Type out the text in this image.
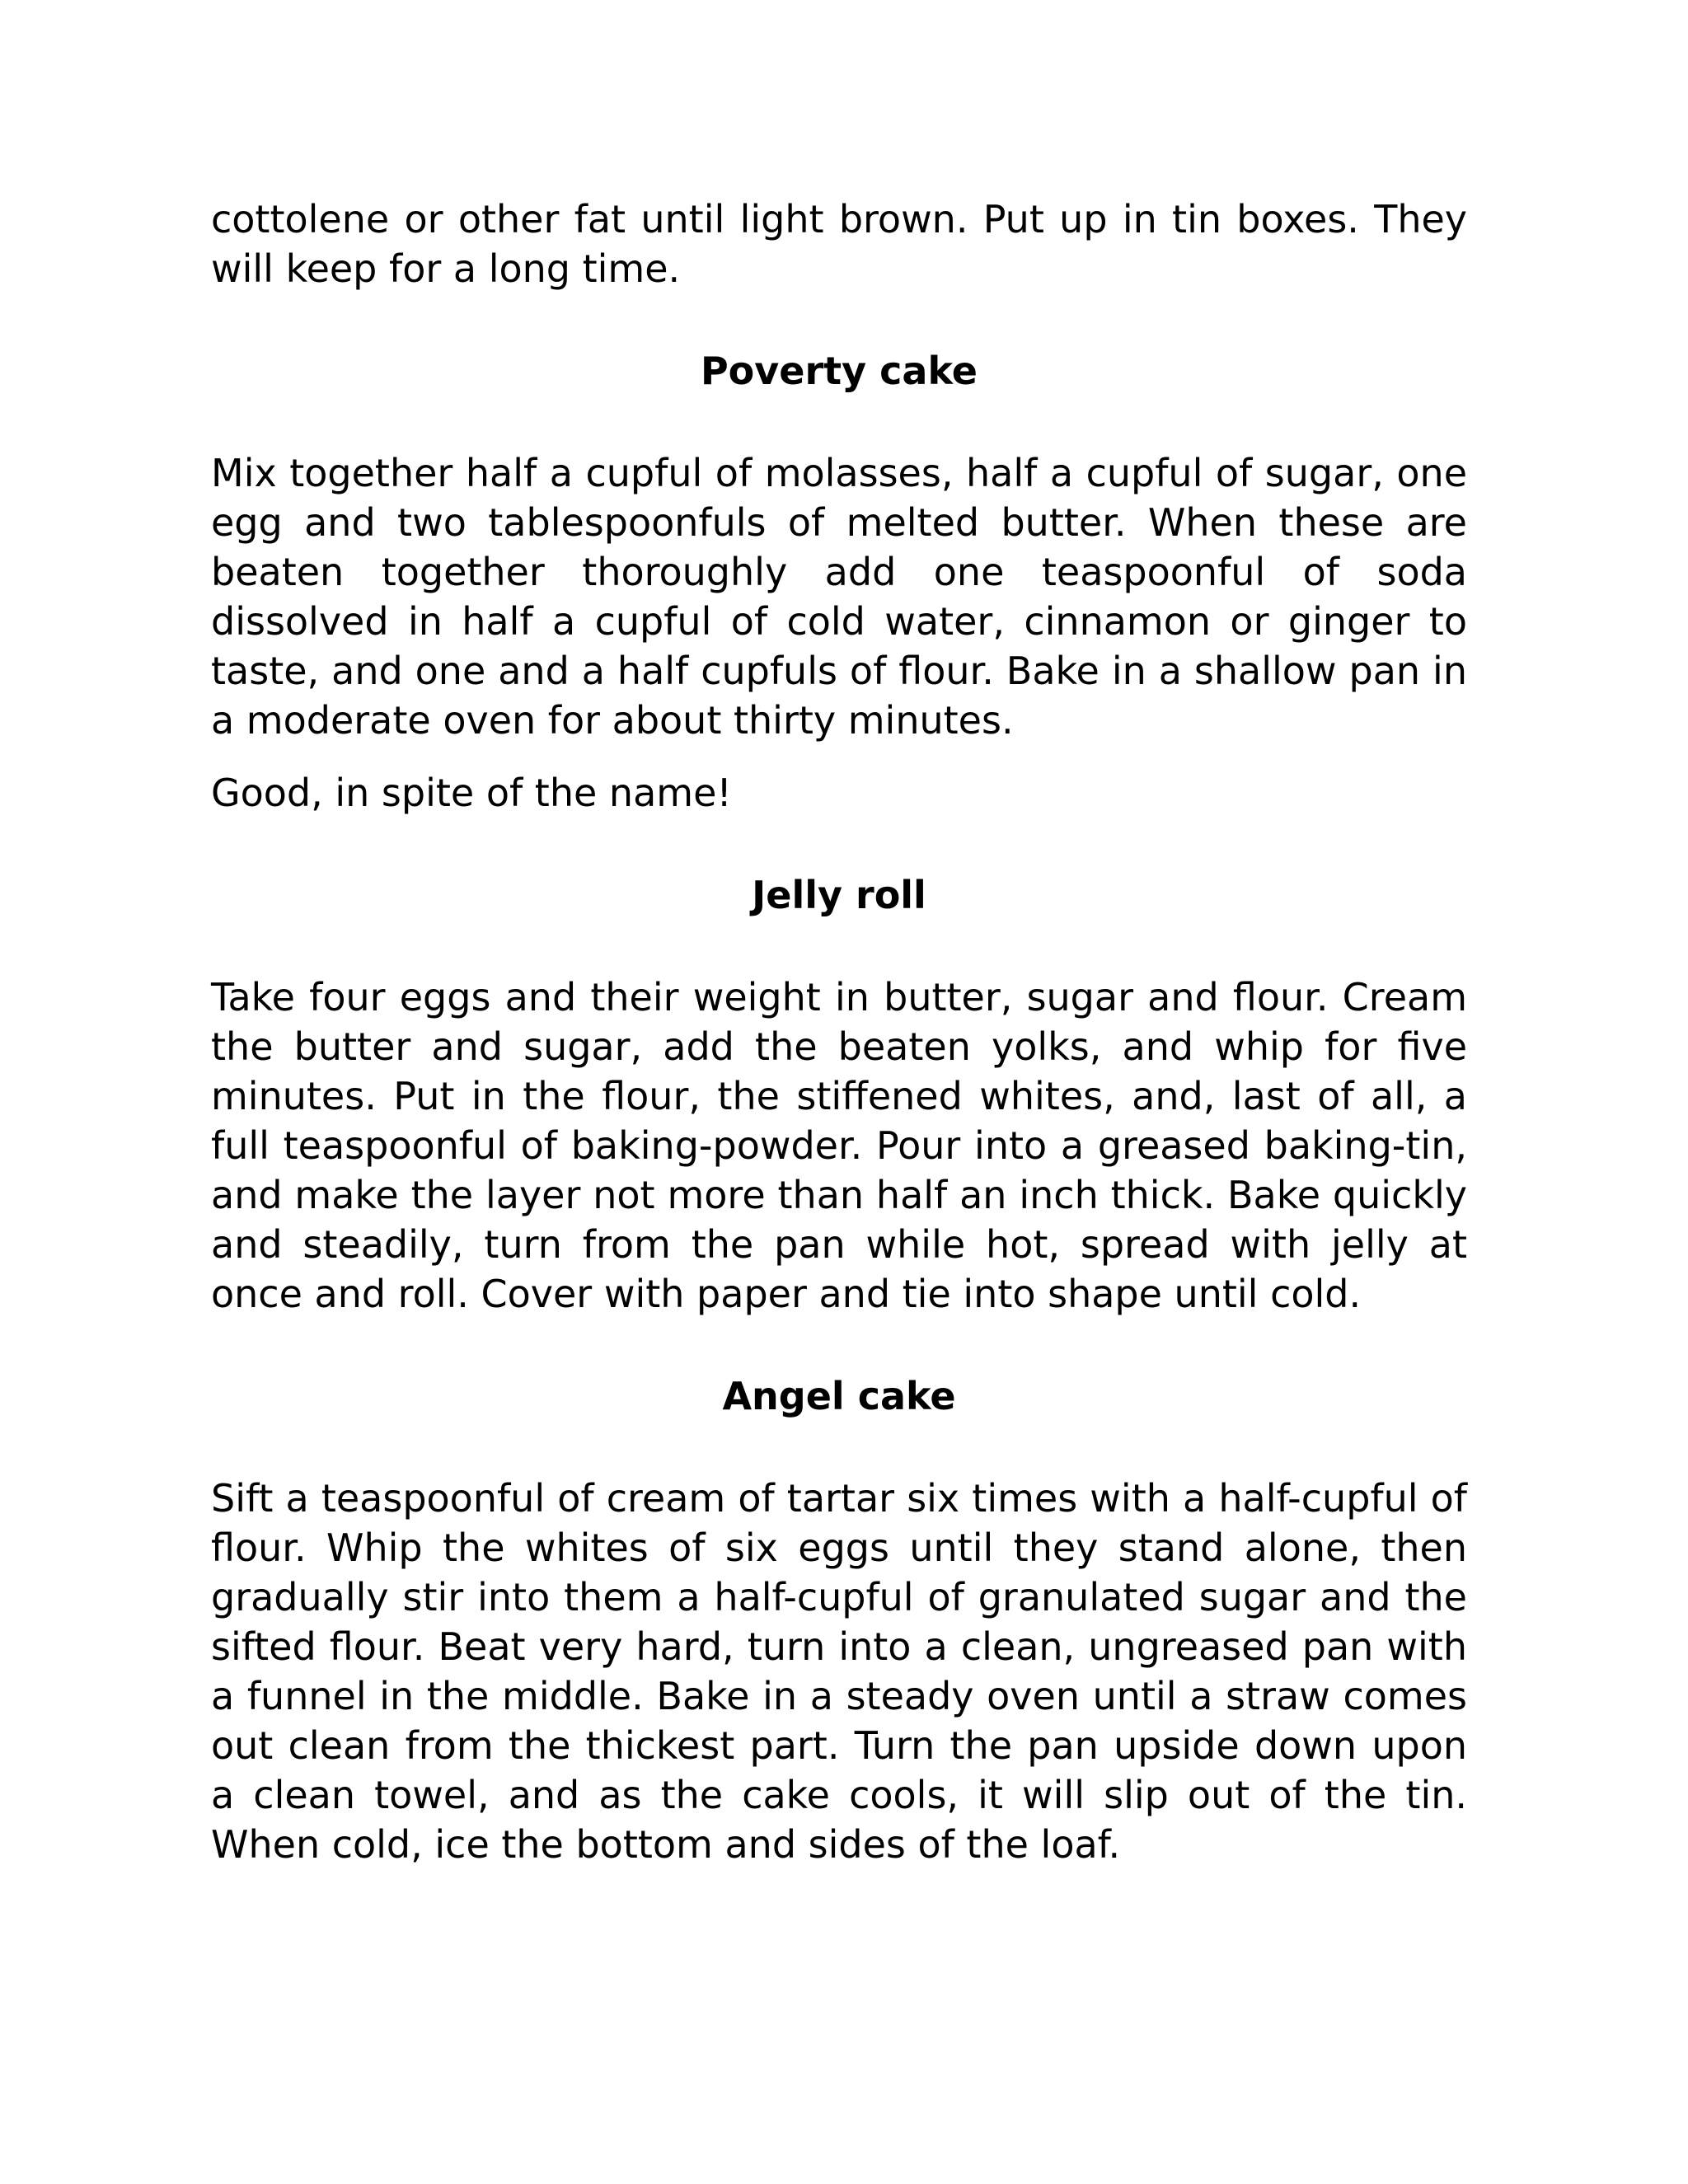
cottolene or other fat until light brown. Put up in tin boxes. They will keep for a long time.

Poverty cake

Mix together half a cupful of molasses, half a cupful of sugar, one egg and two tablespoonfuls of melted butter. When these are beaten together thoroughly add one teaspoonful of soda dissolved in half a cupful of cold water, cinnamon or ginger to taste, and one and a half cupfuls of flour. Bake in a shallow pan in a moderate oven for about thirty minutes.

Good, in spite of the name!

Jelly roll

Take four eggs and their weight in butter, sugar and flour. Cream the butter and sugar, add the beaten yolks, and whip for five minutes. Put in the flour, the stiffened whites, and, last of all, a full teaspoonful of baking-powder. Pour into a greased baking-tin, and make the layer not more than half an inch thick. Bake quickly and steadily, turn from the pan while hot, spread with jelly at once and roll. Cover with paper and tie into shape until cold.

Angel cake

Sift a teaspoonful of cream of tartar six times with a half-cupful of flour. Whip the whites of six eggs until they stand alone, then gradually stir into them a half-cupful of granulated sugar and the sifted flour. Beat very hard, turn into a clean, ungreased pan with a funnel in the middle. Bake in a steady oven until a straw comes out clean from the thickest part. Turn the pan upside down upon a clean towel, and as the cake cools, it will slip out of the tin. When cold, ice the bottom and sides of the loaf.
